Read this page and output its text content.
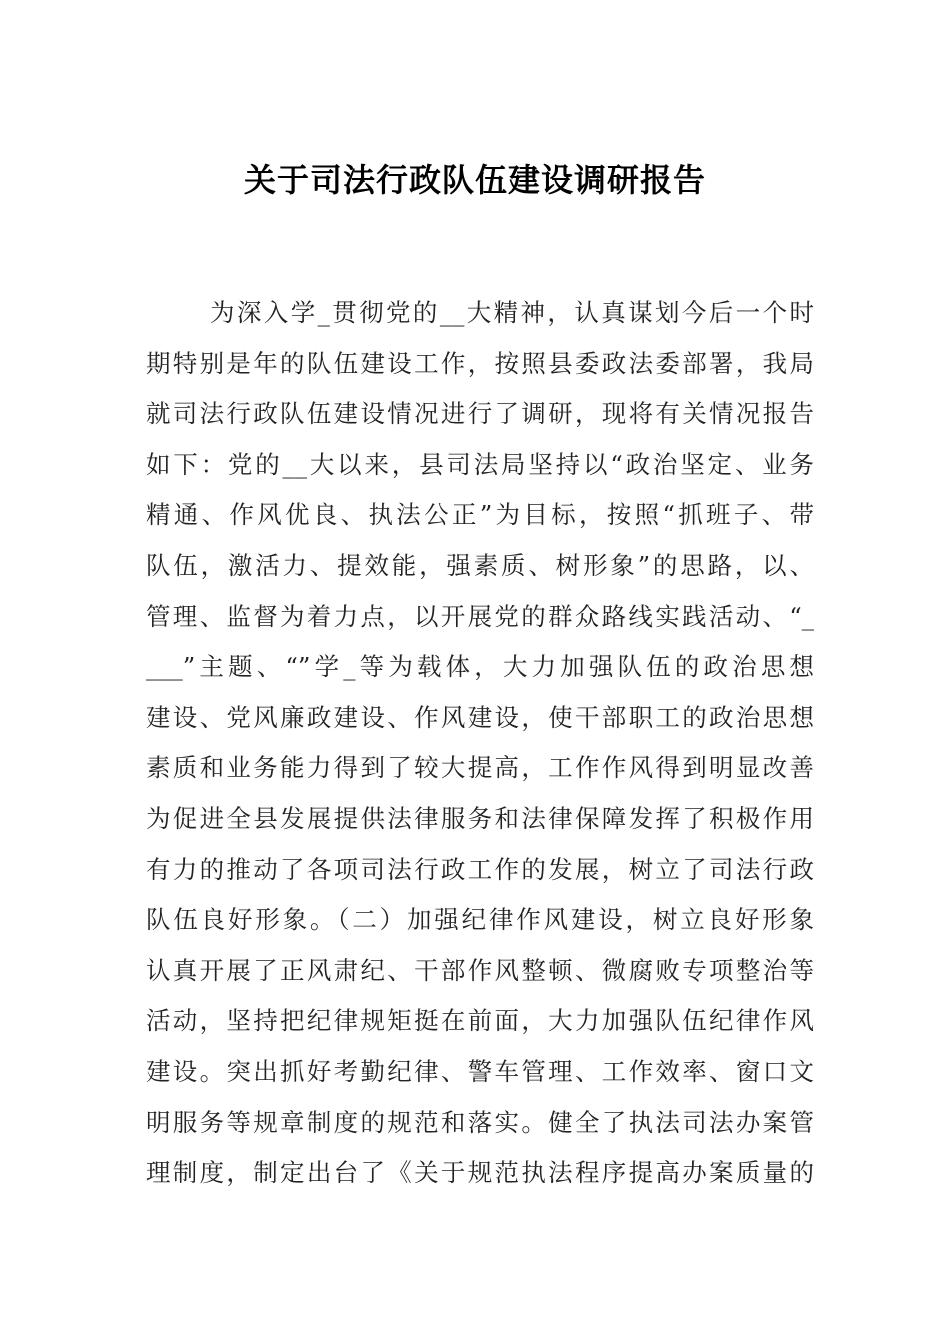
关于司法行政队伍建设调研报告
为深入学_贯彻党的__大精神，认真谋划今后一个时
期特别是年的队伍建设工作，按照县委政法委部署，我局
就司法行政队伍建设情况进行了调研，现将有关情况报告
如下：党的__大以来，县司法局坚持以“政治坚定、业务
精通、作风优良、执法公正”为目标，按照“抓班子、带
队伍，激活力、提效能，强素质、树形象”的思路，以、
管理、监督为着力点，以开展党的群众路线实践活动、“_
___”主题、“”学_等为载体，大力加强队伍的政治思想
建设、党风廉政建设、作风建设，使干部职工的政治思想
素质和业务能力得到了较大提高，工作作风得到明显改善
为促进全县发展提供法律服务和法律保障发挥了积极作用
有力的推动了各项司法行政工作的发展，树立了司法行政
队伍良好形象。（二）加强纪律作风建设，树立良好形象
认真开展了正风肃纪、干部作风整顿、微腐败专项整治等
活动，坚持把纪律规矩挺在前面，大力加强队伍纪律作风
建设。突出抓好考勤纪律、警车管理、工作效率、窗口文
明服务等规章制度的规范和落实。健全了执法司法办案管
理制度，制定出台了《关于规范执法程序提高办案质量的
